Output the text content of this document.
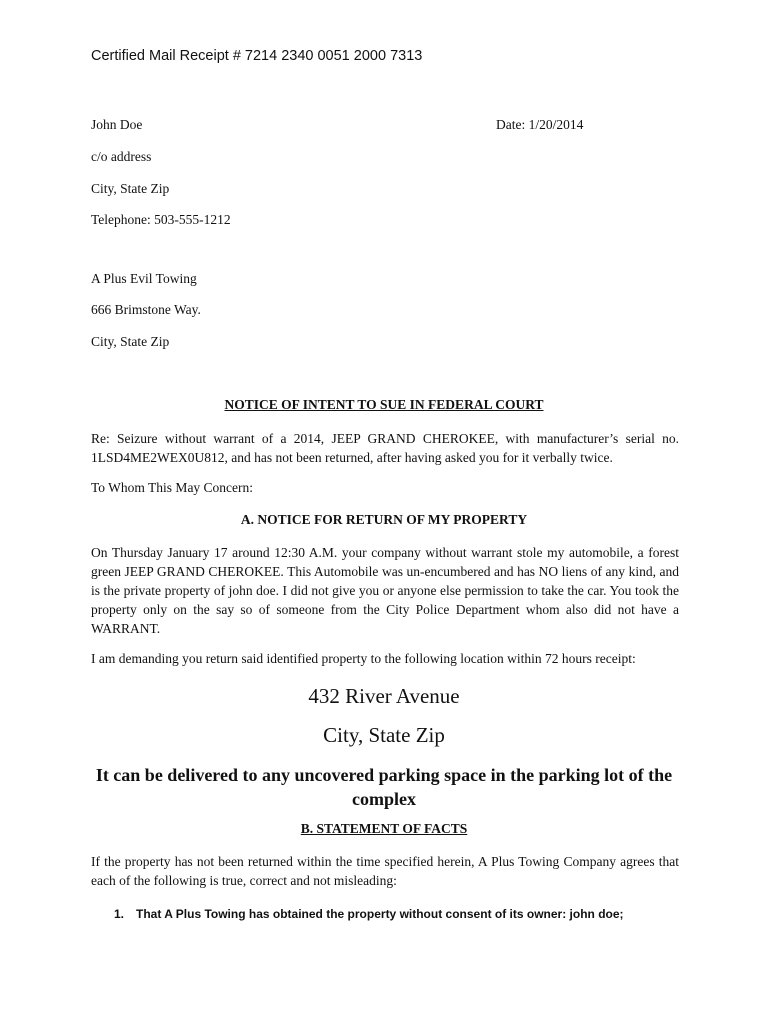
Certified Mail Receipt # 7214 2340 0051 2000 7313
John Doe	Date: 1/20/2014
c/o address
City, State Zip
Telephone: 503-555-1212
A Plus Evil Towing
666 Brimstone Way.
City, State Zip
NOTICE OF INTENT TO SUE IN FEDERAL COURT
Re: Seizure without warrant of a 2014, JEEP GRAND CHEROKEE, with manufacturer’s serial no. 1LSD4ME2WEX0U812, and has not been returned, after having asked you for it verbally twice.
To Whom This May Concern:
A. NOTICE FOR RETURN OF MY PROPERTY
On Thursday January 17 around 12:30 A.M. your company without warrant stole my automobile, a forest green JEEP GRAND CHEROKEE. This Automobile was un-encumbered and has NO liens of any kind, and is the private property of john doe. I did not give you or anyone else permission to take the car. You took the property only on the say so of someone from the City Police Department whom also did not have a WARRANT.
I am demanding you return said identified property to the following location within 72 hours receipt:
432 River Avenue
City, State Zip
It can be delivered to any uncovered parking space in the parking lot of the complex
B. STATEMENT OF FACTS
If the property has not been returned within the time specified herein, A Plus Towing Company agrees that each of the following is true, correct and not misleading:
1. That A Plus Towing has obtained the property without consent of its owner: john doe;
